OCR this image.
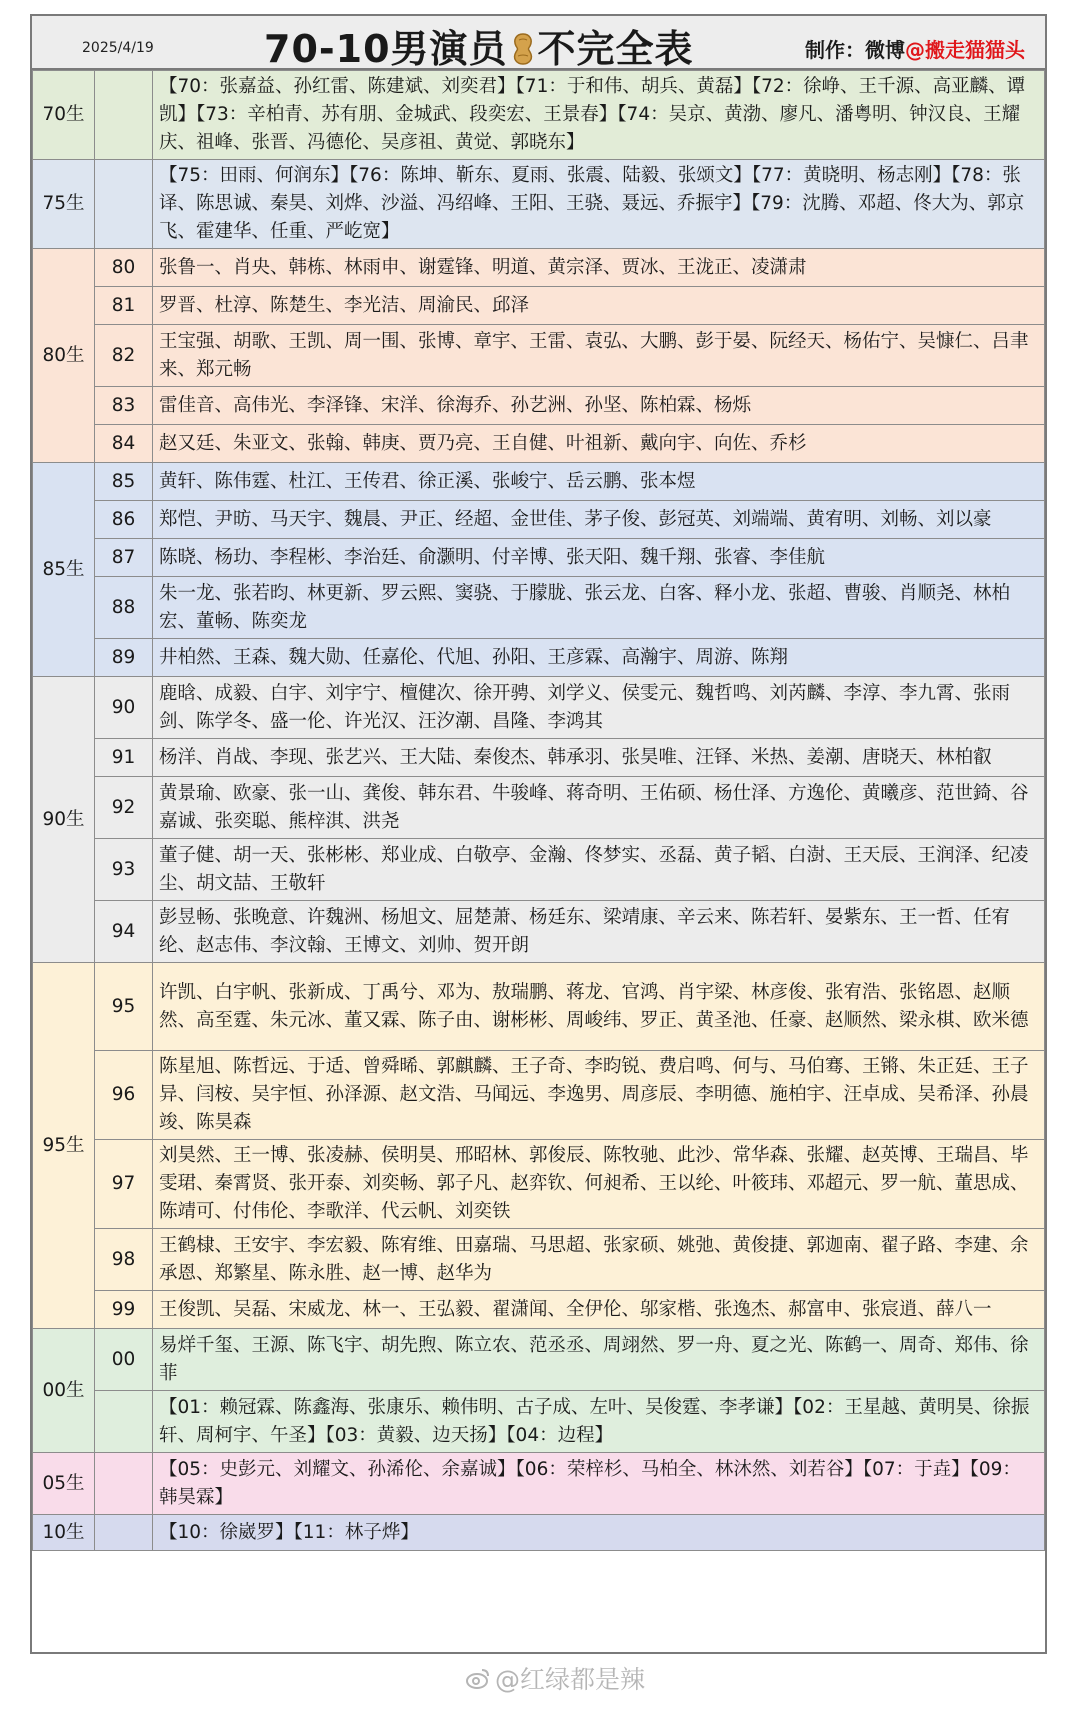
2025/4/19	70-10男演员 不完全表	制作：微博@搬走猫猫头
70生		【70：张嘉益、孙红雷、陈建斌、刘奕君】【71：于和伟、胡兵、黄磊】【72：徐峥、王千源、高亚麟、谭凯】【73：辛柏青、苏有朋、金城武、段奕宏、王景春】【74：吴京、黄渤、廖凡、潘粤明、钟汉良、王耀庆、祖峰、张晋、冯德伦、吴彦祖、黄觉、郭晓东】
75生		【75：田雨、何润东】【76：陈坤、靳东、夏雨、张震、陆毅、张颂文】【77：黄晓明、杨志刚】【78：张译、陈思诚、秦昊、刘烨、沙溢、冯绍峰、王阳、王骁、聂远、乔振宇】【79：沈腾、邓超、佟大为、郭京飞、霍建华、任重、严屹宽】
80生	80	张鲁一、肖央、韩栋、林雨申、谢霆锋、明道、黄宗泽、贾冰、王泷正、凌潇肃
	81	罗晋、杜淳、陈楚生、李光洁、周渝民、邱泽
	82	王宝强、胡歌、王凯、周一围、张博、章宇、王雷、袁弘、大鹏、彭于晏、阮经天、杨佑宁、吴慷仁、吕聿来、郑元畅
	83	雷佳音、高伟光、李泽锋、宋洋、徐海乔、孙艺洲、孙坚、陈柏霖、杨烁
	84	赵又廷、朱亚文、张翰、韩庚、贾乃亮、王自健、叶祖新、戴向宇、向佐、乔杉
85生	85	黄轩、陈伟霆、杜江、王传君、徐正溪、张峻宁、岳云鹏、张本煜
	86	郑恺、尹昉、马天宇、魏晨、尹正、经超、金世佳、茅子俊、彭冠英、刘端端、黄宥明、刘畅、刘以豪
	87	陈晓、杨玏、李程彬、李治廷、俞灏明、付辛博、张天阳、魏千翔、张睿、李佳航
	88	朱一龙、张若昀、林更新、罗云熙、窦骁、于朦胧、张云龙、白客、释小龙、张超、曹骏、肖顺尧、林柏宏、董畅、陈奕龙
	89	井柏然、王森、魏大勋、任嘉伦、代旭、孙阳、王彦霖、高瀚宇、周游、陈翔
90生	90	鹿晗、成毅、白宇、刘宇宁、檀健次、徐开骋、刘学义、侯雯元、魏哲鸣、刘芮麟、李淳、李九霄、张雨剑、陈学冬、盛一伦、许光汉、汪汐潮、昌隆、李鸿其
	91	杨洋、肖战、李现、张艺兴、王大陆、秦俊杰、韩承羽、张昊唯、汪铎、米热、姜潮、唐晓天、林柏叡
	92	黄景瑜、欧豪、张一山、龚俊、韩东君、牛骏峰、蒋奇明、王佑硕、杨仕泽、方逸伦、黄曦彦、范世錡、谷嘉诚、张奕聪、熊梓淇、洪尧
	93	董子健、胡一天、张彬彬、郑业成、白敬亭、金瀚、佟梦实、丞磊、黄子韬、白澍、王天辰、王润泽、纪凌尘、胡文喆、王敬轩
	94	彭昱畅、张晚意、许魏洲、杨旭文、屈楚萧、杨廷东、梁靖康、辛云来、陈若轩、晏紫东、王一哲、任宥纶、赵志伟、李汶翰、王博文、刘帅、贺开朗
95生	95	许凯、白宇帆、张新成、丁禹兮、邓为、敖瑞鹏、蒋龙、官鸿、肖宇梁、林彦俊、张宥浩、张铭恩、赵顺然、高至霆、朱元冰、董又霖、陈子由、谢彬彬、周峻纬、罗正、黄圣池、任豪、赵顺然、梁永棋、欧米德
	96	陈星旭、陈哲远、于适、曾舜晞、郭麒麟、王子奇、李昀锐、费启鸣、何与、马伯骞、王锵、朱正廷、王子异、闫桉、吴宇恒、孙泽源、赵文浩、马闻远、李逸男、周彦辰、李明德、施柏宇、汪卓成、吴希泽、孙晨竣、陈昊森
	97	刘昊然、王一博、张凌赫、侯明昊、邢昭林、郭俊辰、陈牧驰、此沙、常华森、张耀、赵英博、王瑞昌、毕雯珺、秦霄贤、张开泰、刘奕畅、郭子凡、赵弈钦、何昶希、王以纶、叶筱玮、邓超元、罗一航、董思成、陈靖可、付伟伦、李歌洋、代云帆、刘奕铁
	98	王鹤棣、王安宇、李宏毅、陈宥维、田嘉瑞、马思超、张家硕、姚弛、黄俊捷、郭迦南、翟子路、李建、余承恩、郑繁星、陈永胜、赵一博、赵华为
	99	王俊凯、吴磊、宋威龙、林一、王弘毅、翟潇闻、全伊伦、邬家楷、张逸杰、郝富申、张宸逍、薛八一
00生	00	易烊千玺、王源、陈飞宇、胡先煦、陈立农、范丞丞、周翊然、罗一舟、夏之光、陈鹤一、周奇、郑伟、徐菲
		【01：赖冠霖、陈鑫海、张康乐、赖伟明、古子成、左叶、吴俊霆、李孝谦】【02：王星越、黄明昊、徐振轩、周柯宇、午圣】【03：黄毅、边天扬】【04：边程】
05生		【05：史彭元、刘耀文、孙浠伦、余嘉诚】【06：荣梓杉、马柏全、林沐然、刘若谷】【07：于垚】【09：韩昊霖】
10生		【10：徐崴罗】【11：林子烨】
@红绿都是辣
